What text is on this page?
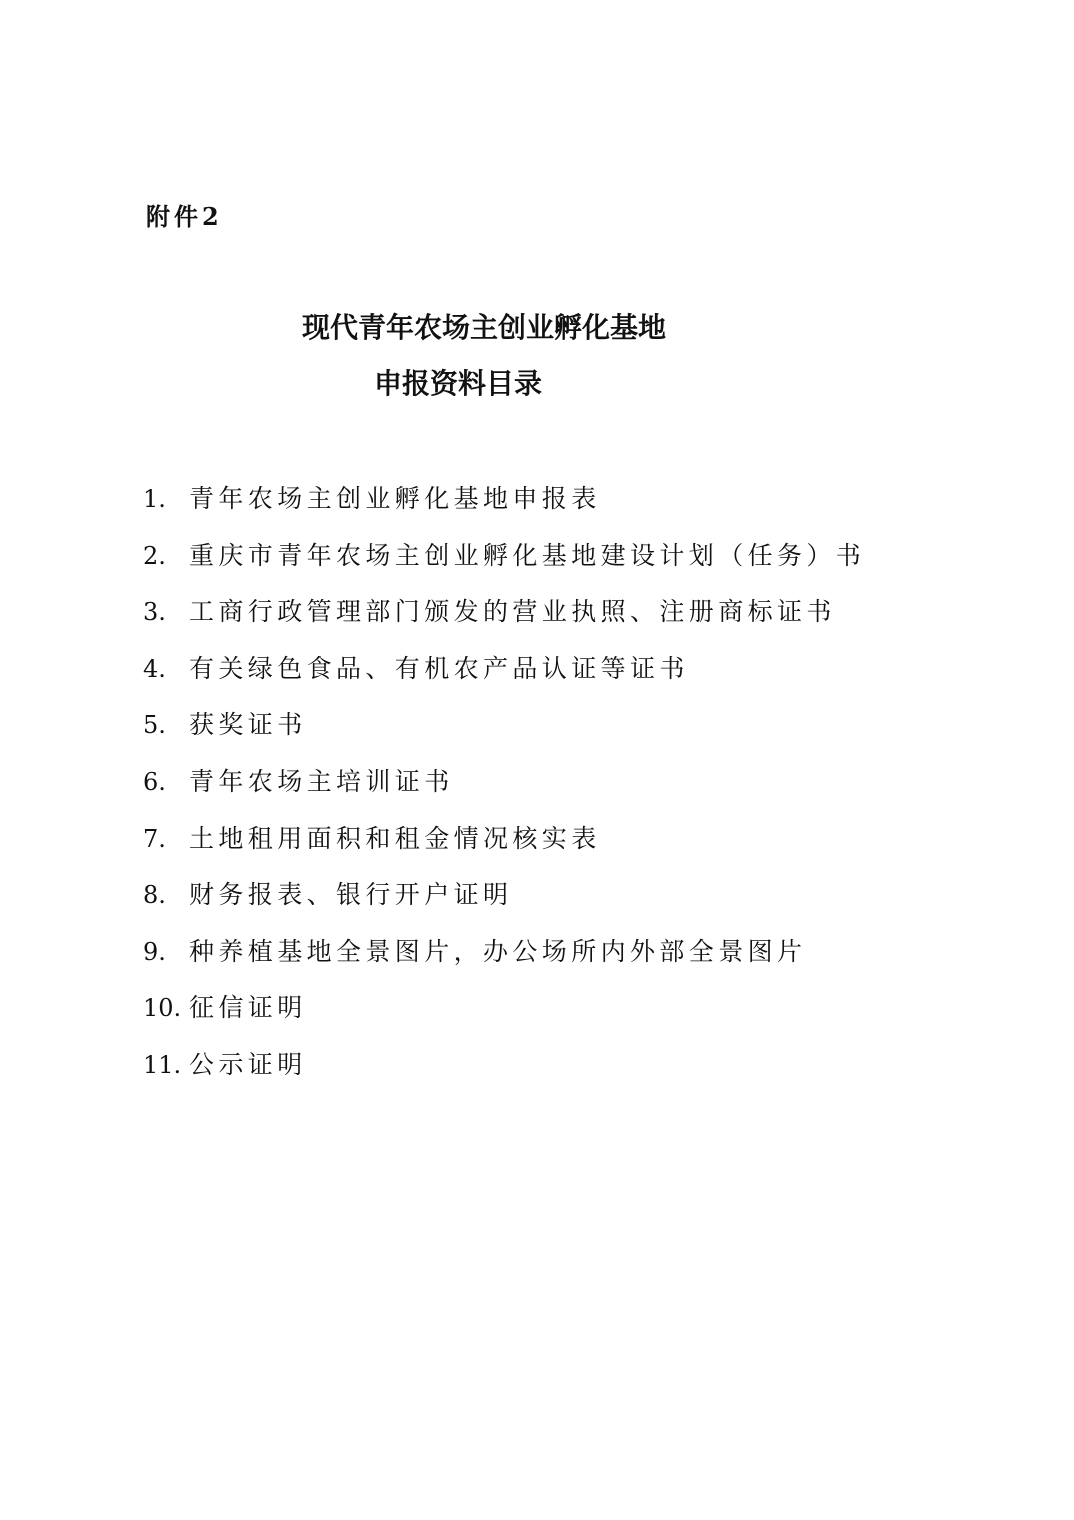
附件2
现代青年农场主创业孵化基地
申报资料目录
1. 青年农场主创业孵化基地申报表
2. 重庆市青年农场主创业孵化基地建设计划（任务）书
3. 工商行政管理部门颁发的营业执照、注册商标证书
4. 有关绿色食品、有机农产品认证等证书
5. 获奖证书
6. 青年农场主培训证书
7. 土地租用面积和租金情况核实表
8. 财务报表、银行开户证明
9. 种养植基地全景图片，办公场所内外部全景图片
10. 征信证明
11. 公示证明
